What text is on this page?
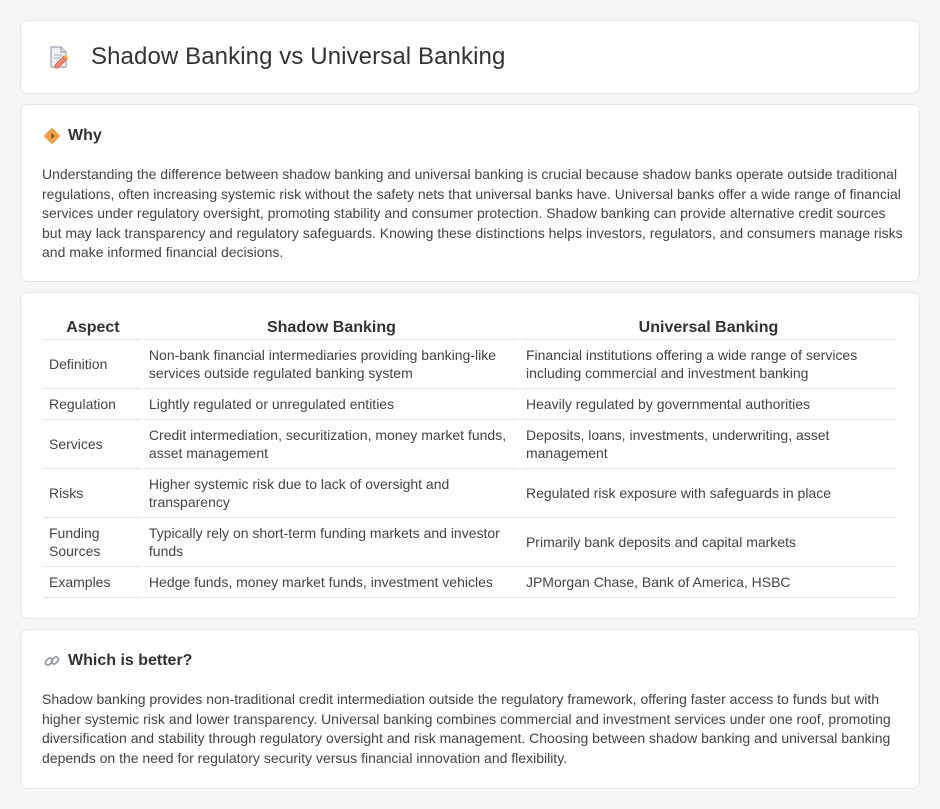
Shadow Banking vs Universal Banking
Why

Understanding the difference between shadow banking and universal banking is crucial because shadow banks operate outside traditional regulations, often increasing systemic risk without the safety nets that universal banks have. Universal banks offer a wide range of financial services under regulatory oversight, promoting stability and consumer protection. Shadow banking can provide alternative credit sources but may lack transparency and regulatory safeguards. Knowing these distinctions helps investors, regulators, and consumers manage risks and make informed financial decisions.

Aspect	Shadow Banking	Universal Banking
Definition	Non-bank financial intermediaries providing banking-like services outside regulated banking system	Financial institutions offering a wide range of services including commercial and investment banking
Regulation	Lightly regulated or unregulated entities	Heavily regulated by governmental authorities
Services	Credit intermediation, securitization, money market funds, asset management	Deposits, loans, investments, underwriting, asset management
Risks	Higher systemic risk due to lack of oversight and transparency	Regulated risk exposure with safeguards in place
Funding Sources	Typically rely on short-term funding markets and investor funds	Primarily bank deposits and capital markets
Examples	Hedge funds, money market funds, investment vehicles	JPMorgan Chase, Bank of America, HSBC
Which is better?

Shadow banking provides non-traditional credit intermediation outside the regulatory framework, offering faster access to funds but with higher systemic risk and lower transparency. Universal banking combines commercial and investment services under one roof, promoting diversification and stability through regulatory oversight and risk management. Choosing between shadow banking and universal banking depends on the need for regulatory security versus financial innovation and flexibility.
